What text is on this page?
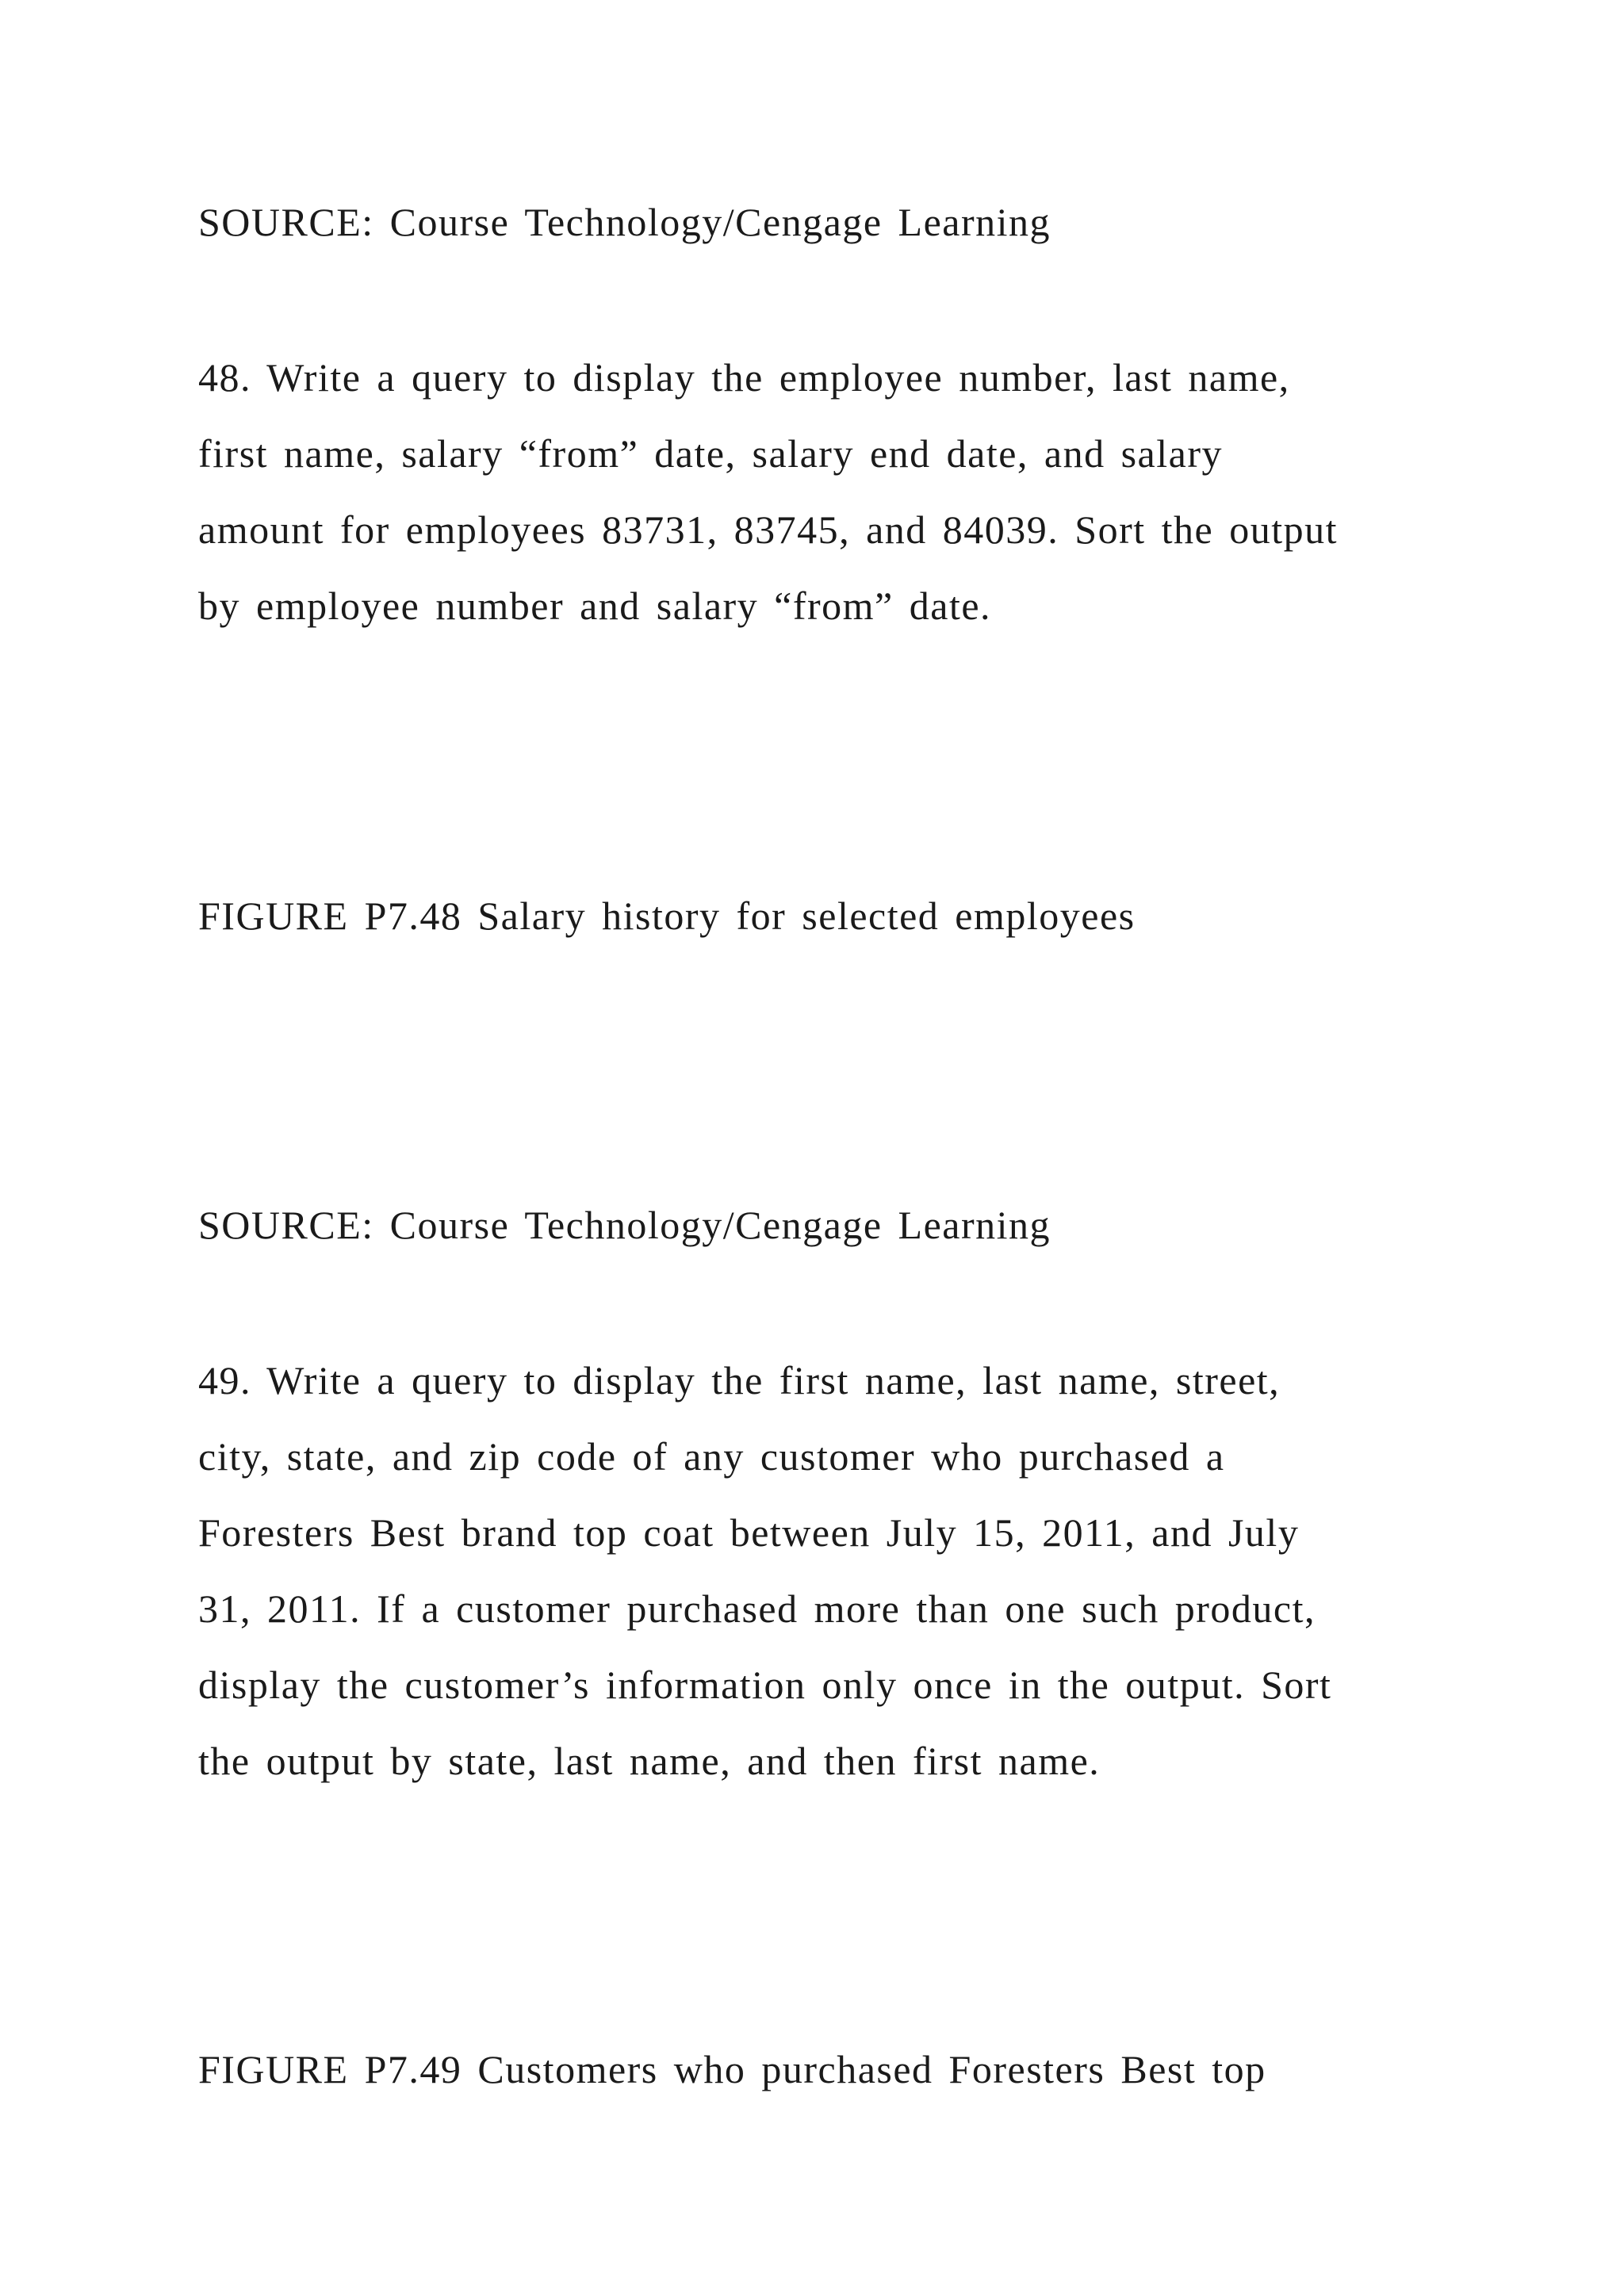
SOURCE: Course Technology/Cengage Learning
48. Write a query to display the employee number, last name,
first name, salary “from” date, salary end date, and salary
amount for employees 83731, 83745, and 84039. Sort the output
by employee number and salary “from” date.
FIGURE P7.48 Salary history for selected employees
SOURCE: Course Technology/Cengage Learning
49. Write a query to display the first name, last name, street,
city, state, and zip code of any customer who purchased a
Foresters Best brand top coat between July 15, 2011, and July
31, 2011. If a customer purchased more than one such product,
display the customer’s information only once in the output. Sort
the output by state, last name, and then first name.
FIGURE P7.49 Customers who purchased Foresters Best top
